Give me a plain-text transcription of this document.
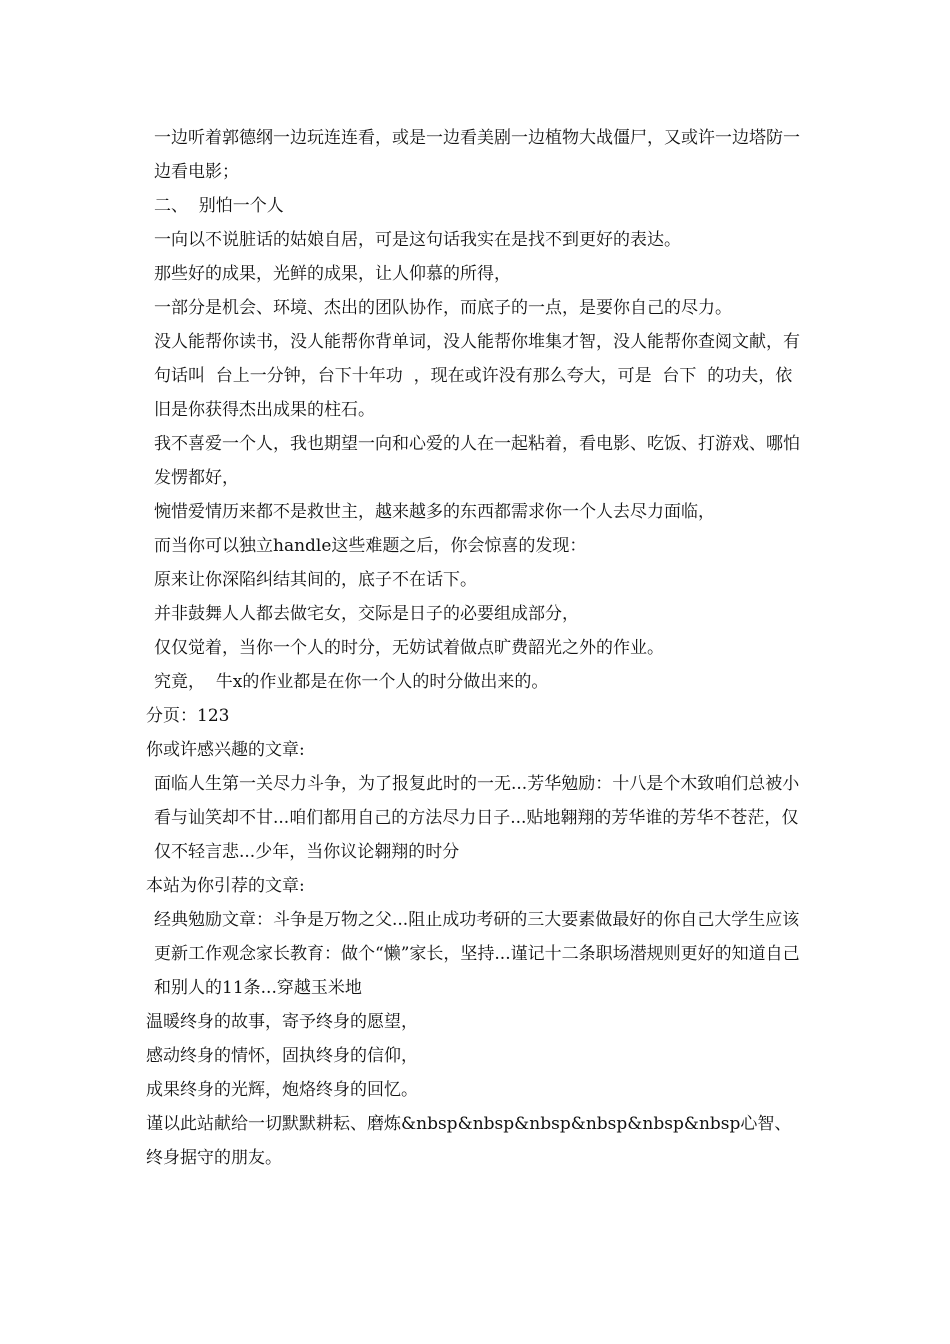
一边听着郭德纲一边玩连连看，或是一边看美剧一边植物大战僵尸，又或许一边塔防一边看电影；

二、  别怕一个人

一向以不说脏话的姑娘自居，可是这句话我实在是找不到更好的表达。

那些好的成果，光鲜的成果，让人仰慕的所得，

一部分是机会、环境、杰出的团队协作，而底子的一点，是要你自己的尽力。

没人能帮你读书，没人能帮你背单词，没人能帮你堆集才智，没人能帮你查阅文献，有句话叫  台上一分钟，台下十年功  ，现在或许没有那么夸大，可是  台下  的功夫，依旧是你获得杰出成果的柱石。

我不喜爱一个人，我也期望一向和心爱的人在一起粘着，看电影、吃饭、打游戏、哪怕发愣都好，

惋惜爱情历来都不是救世主，越来越多的东西都需求你一个人去尽力面临，

而当你可以独立handle这些难题之后，你会惊喜的发现：

原来让你深陷纠结其间的，底子不在话下。

并非鼓舞人人都去做宅女，交际是日子的必要组成部分，

仅仅觉着，当你一个人的时分，无妨试着做点旷费韶光之外的作业。

究竟，  牛x的作业都是在你一个人的时分做出来的。

分页：123

你或许感兴趣的文章:

面临人生第一关尽力斗争，为了报复此时的一无...芳华勉励：十八是个木致咱们总被小看与讪笑却不甘...咱们都用自己的方法尽力日子...贴地翱翔的芳华谁的芳华不苍茫，仅仅不轻言悲...少年，当你议论翱翔的时分

本站为你引荐的文章:

经典勉励文章：斗争是万物之父...阻止成功考研的三大要素做最好的你自己大学生应该更新工作观念家长教育：做个“懒”家长，坚持...谨记十二条职场潜规则更好的知道自己和别人的11条...穿越玉米地

温暖终身的故事，寄予终身的愿望，

感动终身的情怀，固执终身的信仰，

成果终身的光辉，炮烙终身的回忆。

谨以此站献给一切默默耕耘、磨炼&nbsp&nbsp&nbsp&nbsp&nbsp&nbsp心智、终身据守的朋友。
